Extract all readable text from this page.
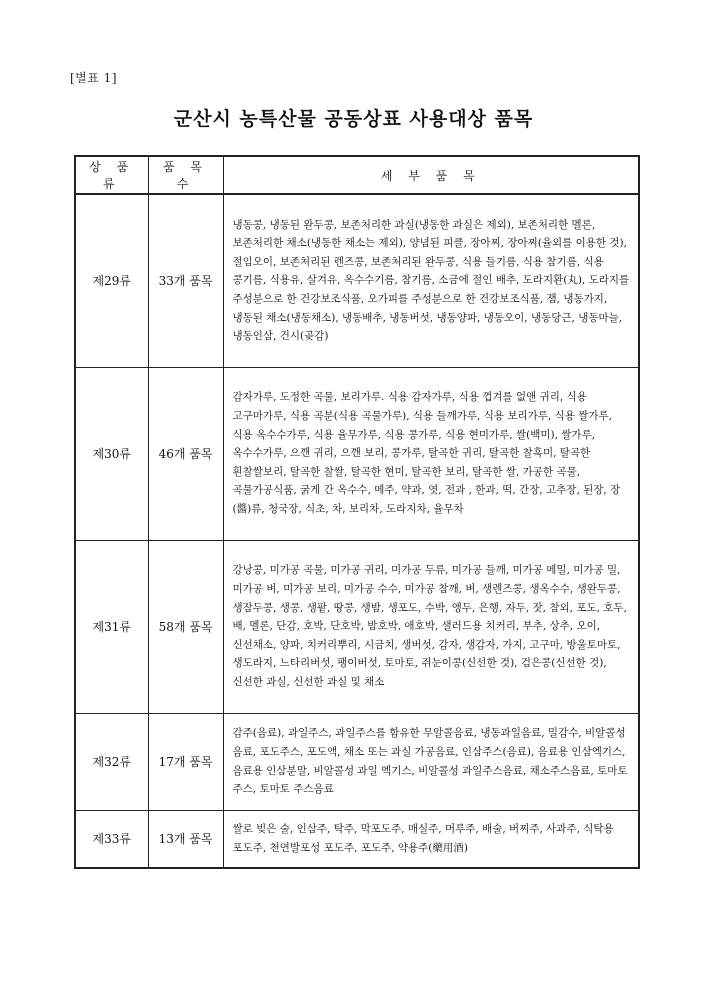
[별표 1]
군산시 농특산물 공동상표 사용대상 품목
상 품 류	품 목 수	세 부 품 목
제29류	33개 품목	냉동콩, 냉동된 완두콩, 보존처리한 과실(냉동한 과실은 제외), 보존처리한 멜론, 보존처리한 채소(냉동한 채소는 제외), 양념된 피클, 장아찌, 장아찌(율외를 이용한 것), 절임오이, 보존처리된 렌즈콩, 보존처리된 완두콩, 식용 들기름, 식용 참기름, 식용 콩기름, 식용유, 살겨유, 옥수수기름, 참기름, 소금에 절인 배추, 도라지환(丸), 도라지를 주성분으로 한 건강보조식품, 오가피를 주성분으로 한 건강보조식품, 잼, 냉동가지, 냉동된 채소(냉동채소), 냉동배추, 냉동버섯, 냉동양파, 냉동오이, 냉동당근, 냉동마늘, 냉동인삼, 건시(곶감)
제30류	46개 품목	감자가루, 도정한 곡물, 보리가루. 식용 감자가루, 식용 껍겨를 없앤 귀리, 식용 고구마가루, 식용 곡분(식용 곡물가루), 식용 들깨가루, 식용 보리가루, 식용 쌀가루, 식용 옥수수가루, 식용 율무가루, 식용 콩가루, 식용 현미가루, 쌀(백미), 쌀가루, 옥수수가루, 으깬 귀리, 으깬 보리, 콩가루, 탈곡한 귀리, 탈곡한 찰흑미, 탈곡한 흰찰쌀보리, 탈곡한 찰쌀, 탈곡한 현미, 탈곡한 보리, 탈곡한 쌀, 가공한 곡물, 곡물가공식품, 굵게 간 옥수수, 메주, 약과, 엿, 전과 , 한과, 떡, 간장, 고추장, 된장, 장(醬)류, 청국장, 식초, 차, 보리차, 도라지차, 율무차
제31류	58개 품목	강낭콩, 미가공 곡물, 미가공 귀리, 미가공 두류, 미가공 들깨, 미가공 메밀, 미가공 밀, 미가공 벼, 미가공 보리, 미가공 수수, 미가공 참깨, 벼, 생렌즈콩, 생옥수수, 생완두콩, 생잠두콩, 생콩, 생팥, 땅콩, 생밤, 생포도, 수박, 앵두, 은행, 자두, 잣, 참외, 포도, 호두, 배, 멜론, 단감, 호박, 단호박, 밤호박, 애호박, 샐러드용 치커리, 부추, 상추, 오이, 신선채소, 양파, 치커리뿌리, 시금치, 생버섯, 감자, 생감자, 가지, 고구마, 방울토마토, 생도라지, 느타리버섯, 팽이버섯, 토마토, 쥐눈이콩(신선한 것), 검은콩(신선한 것), 신선한 과실, 신선한 과실 및 채소
제32류	17개 품목	감주(음료), 과일주스, 과일주스를 함유한 무알콜음료, 냉동과일음료, 밀감수, 비알콜성 음료, 포도주스, 포도액, 채소 또는 과실 가공음료, 인삼주스(음료), 음료용 인삼엑기스, 음료용 인삼분말, 비알콜성 과일 엑기스, 비알콜성 과일주스음료, 채소주스음료, 토마토 주스, 토마토 주스음료
제33류	13개 품목	쌀로 빚은 술, 인삼주, 탁주, 막포도주, 매실주, 머루주, 배술, 버찌주, 사과주, 식탁용 포도주, 천연발포성 포도주, 포도주, 약용주(藥用酒)
